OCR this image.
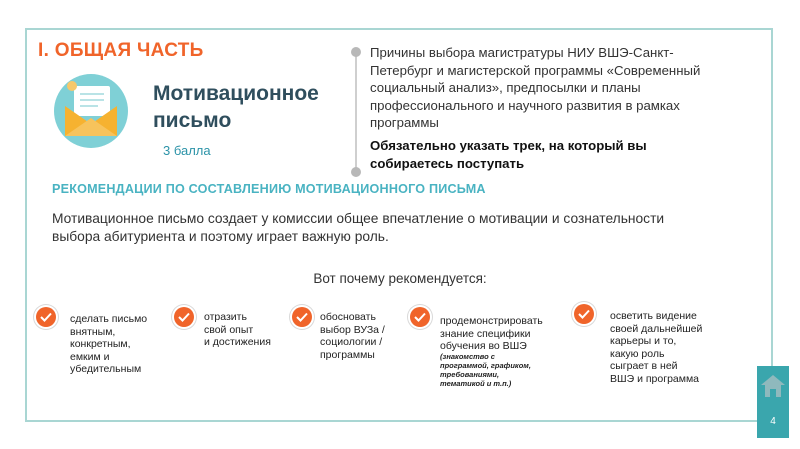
I. ОБЩАЯ ЧАСТЬ
Мотивационное
письмо
3 балла
Причины выбора магистратуры НИУ ВШЭ-Санкт-
Петербург и магистерской программы «Современный
социальный анализ», предпосылки и планы
профессионального и научного развития в рамках
программы
Обязательно указать трек, на который вы
собираетесь поступать
РЕКОМЕНДАЦИИ ПО СОСТАВЛЕНИЮ МОТИВАЦИОННОГО ПИСЬМА
Мотивационное письмо создает у комиссии общее впечатление о мотивации и сознательности
выбора абитуриента и поэтому играет важную роль.
Вот почему рекомендуется:
сделать письмо
внятным,
конкретным,
емким и
убедительным
отразить
свой опыт
и достижения
обосновать
выбор ВУЗа /
социологии /
программы
продемонстрировать
знание специфики
обучения во ВШЭ
(знакомство с
программой, графиком,
требованиями,
тематикой и т.п.)
осветить видение
своей дальнейшей
карьеры и то,
какую роль
сыграет в ней
ВШЭ и программа
4
